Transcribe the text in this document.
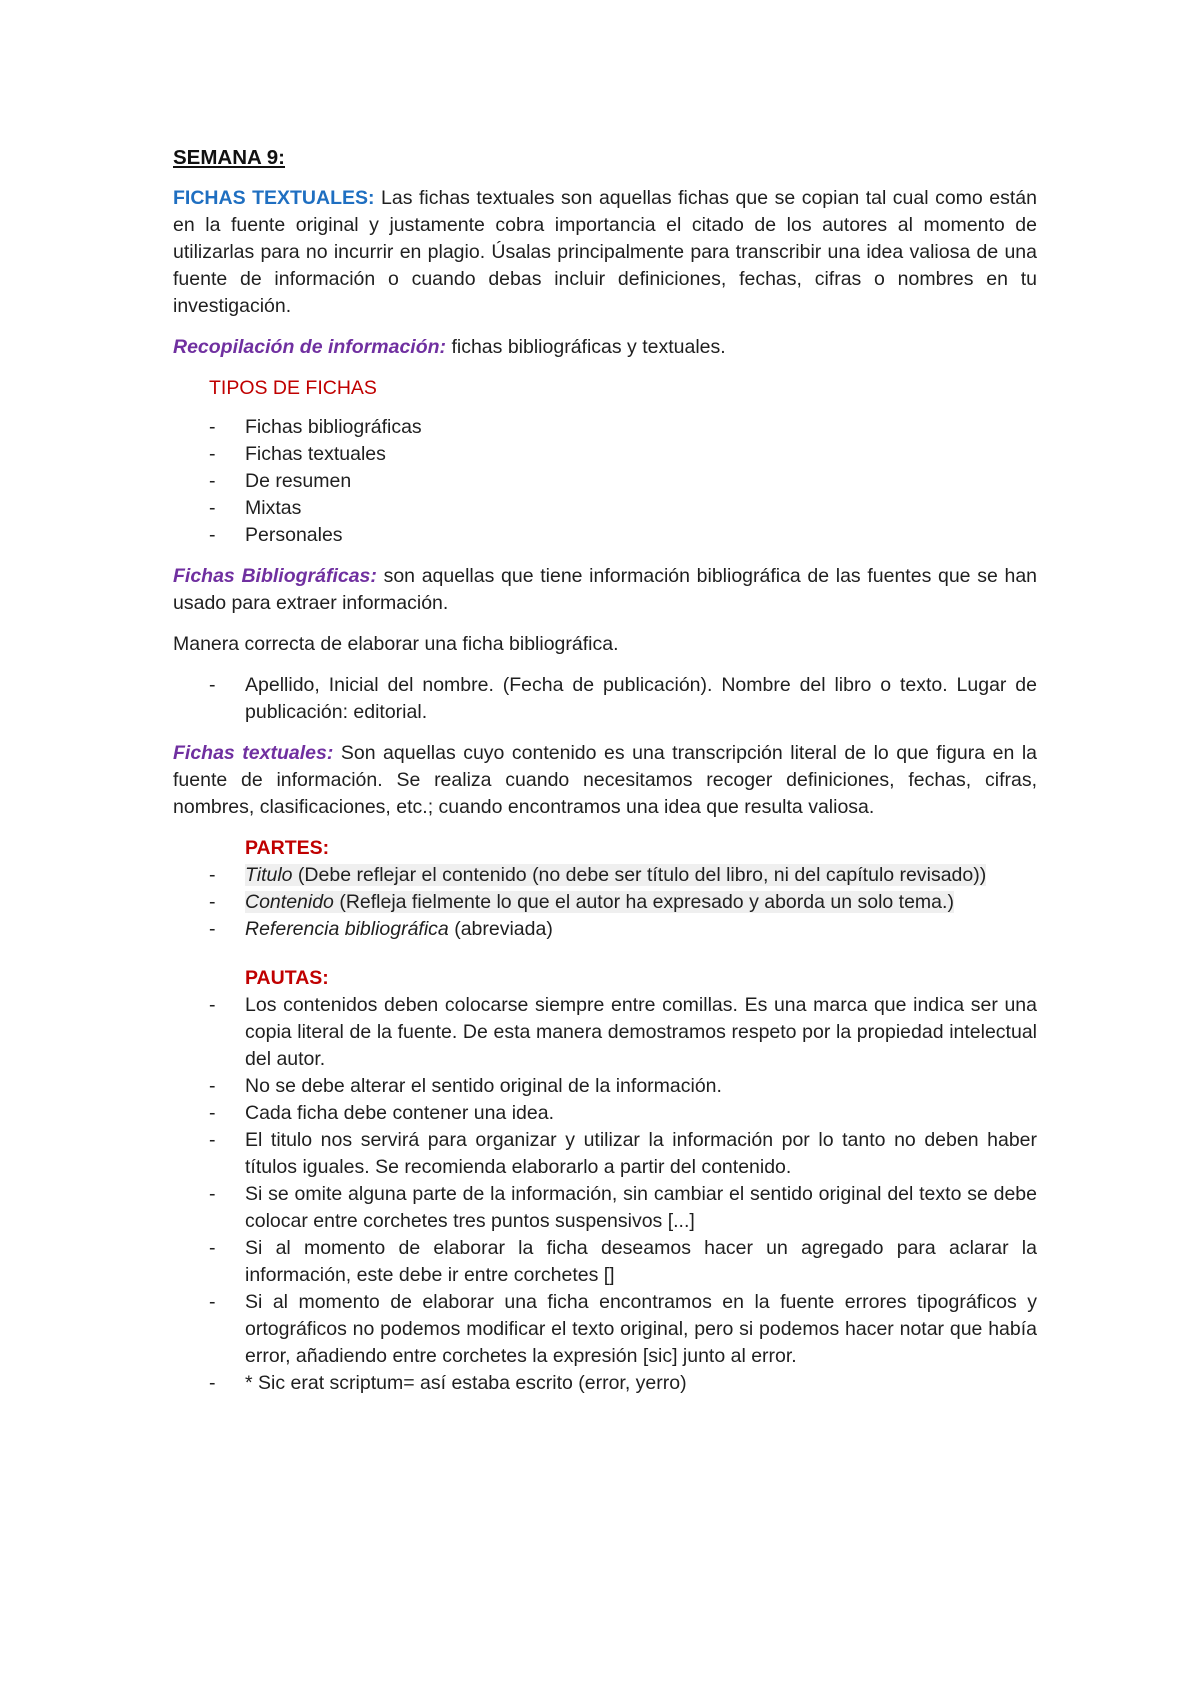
SEMANA 9:

FICHAS TEXTUALES: Las fichas textuales son aquellas fichas que se copian tal cual como están en la fuente original y justamente cobra importancia el citado de los autores al momento de utilizarlas para no incurrir en plagio. Úsalas principalmente para transcribir una idea valiosa de una fuente de información o cuando debas incluir definiciones, fechas, cifras o nombres en tu investigación.

Recopilación de información: fichas bibliográficas y textuales.

TIPOS DE FICHAS
- Fichas bibliográficas
- Fichas textuales
- De resumen
- Mixtas
- Personales

Fichas Bibliográficas: son aquellas que tiene información bibliográfica de las fuentes que se han usado para extraer información.

Manera correcta de elaborar una ficha bibliográfica.

- Apellido, Inicial del nombre. (Fecha de publicación). Nombre del libro o texto. Lugar de publicación: editorial.

Fichas textuales: Son aquellas cuyo contenido es una transcripción literal de lo que figura en la fuente de información. Se realiza cuando necesitamos recoger definiciones, fechas, cifras, nombres, clasificaciones, etc.; cuando encontramos una idea que resulta valiosa.

PARTES:
- Titulo (Debe reflejar el contenido (no debe ser título del libro, ni del capítulo revisado))
- Contenido (Refleja fielmente lo que el autor ha expresado y aborda un solo tema.)
- Referencia bibliográfica (abreviada)
PAUTAS:
- Los contenidos deben colocarse siempre entre comillas. Es una marca que indica ser una copia literal de la fuente. De esta manera demostramos respeto por la propiedad intelectual del autor.
- No se debe alterar el sentido original de la información.
- Cada ficha debe contener una idea.
- El titulo nos servirá para organizar y utilizar la información por lo tanto no deben haber títulos iguales. Se recomienda elaborarlo a partir del contenido.
- Si se omite alguna parte de la información, sin cambiar el sentido original del texto se debe colocar entre corchetes tres puntos suspensivos [...]
- Si al momento de elaborar la ficha deseamos hacer un agregado para aclarar la información, este debe ir entre corchetes []
- Si al momento de elaborar una ficha encontramos en la fuente errores tipográficos y ortográficos no podemos modificar el texto original, pero si podemos hacer notar que había error, añadiendo entre corchetes la expresión [sic] junto al error.
- * Sic erat scriptum= así estaba escrito (error, yerro)
